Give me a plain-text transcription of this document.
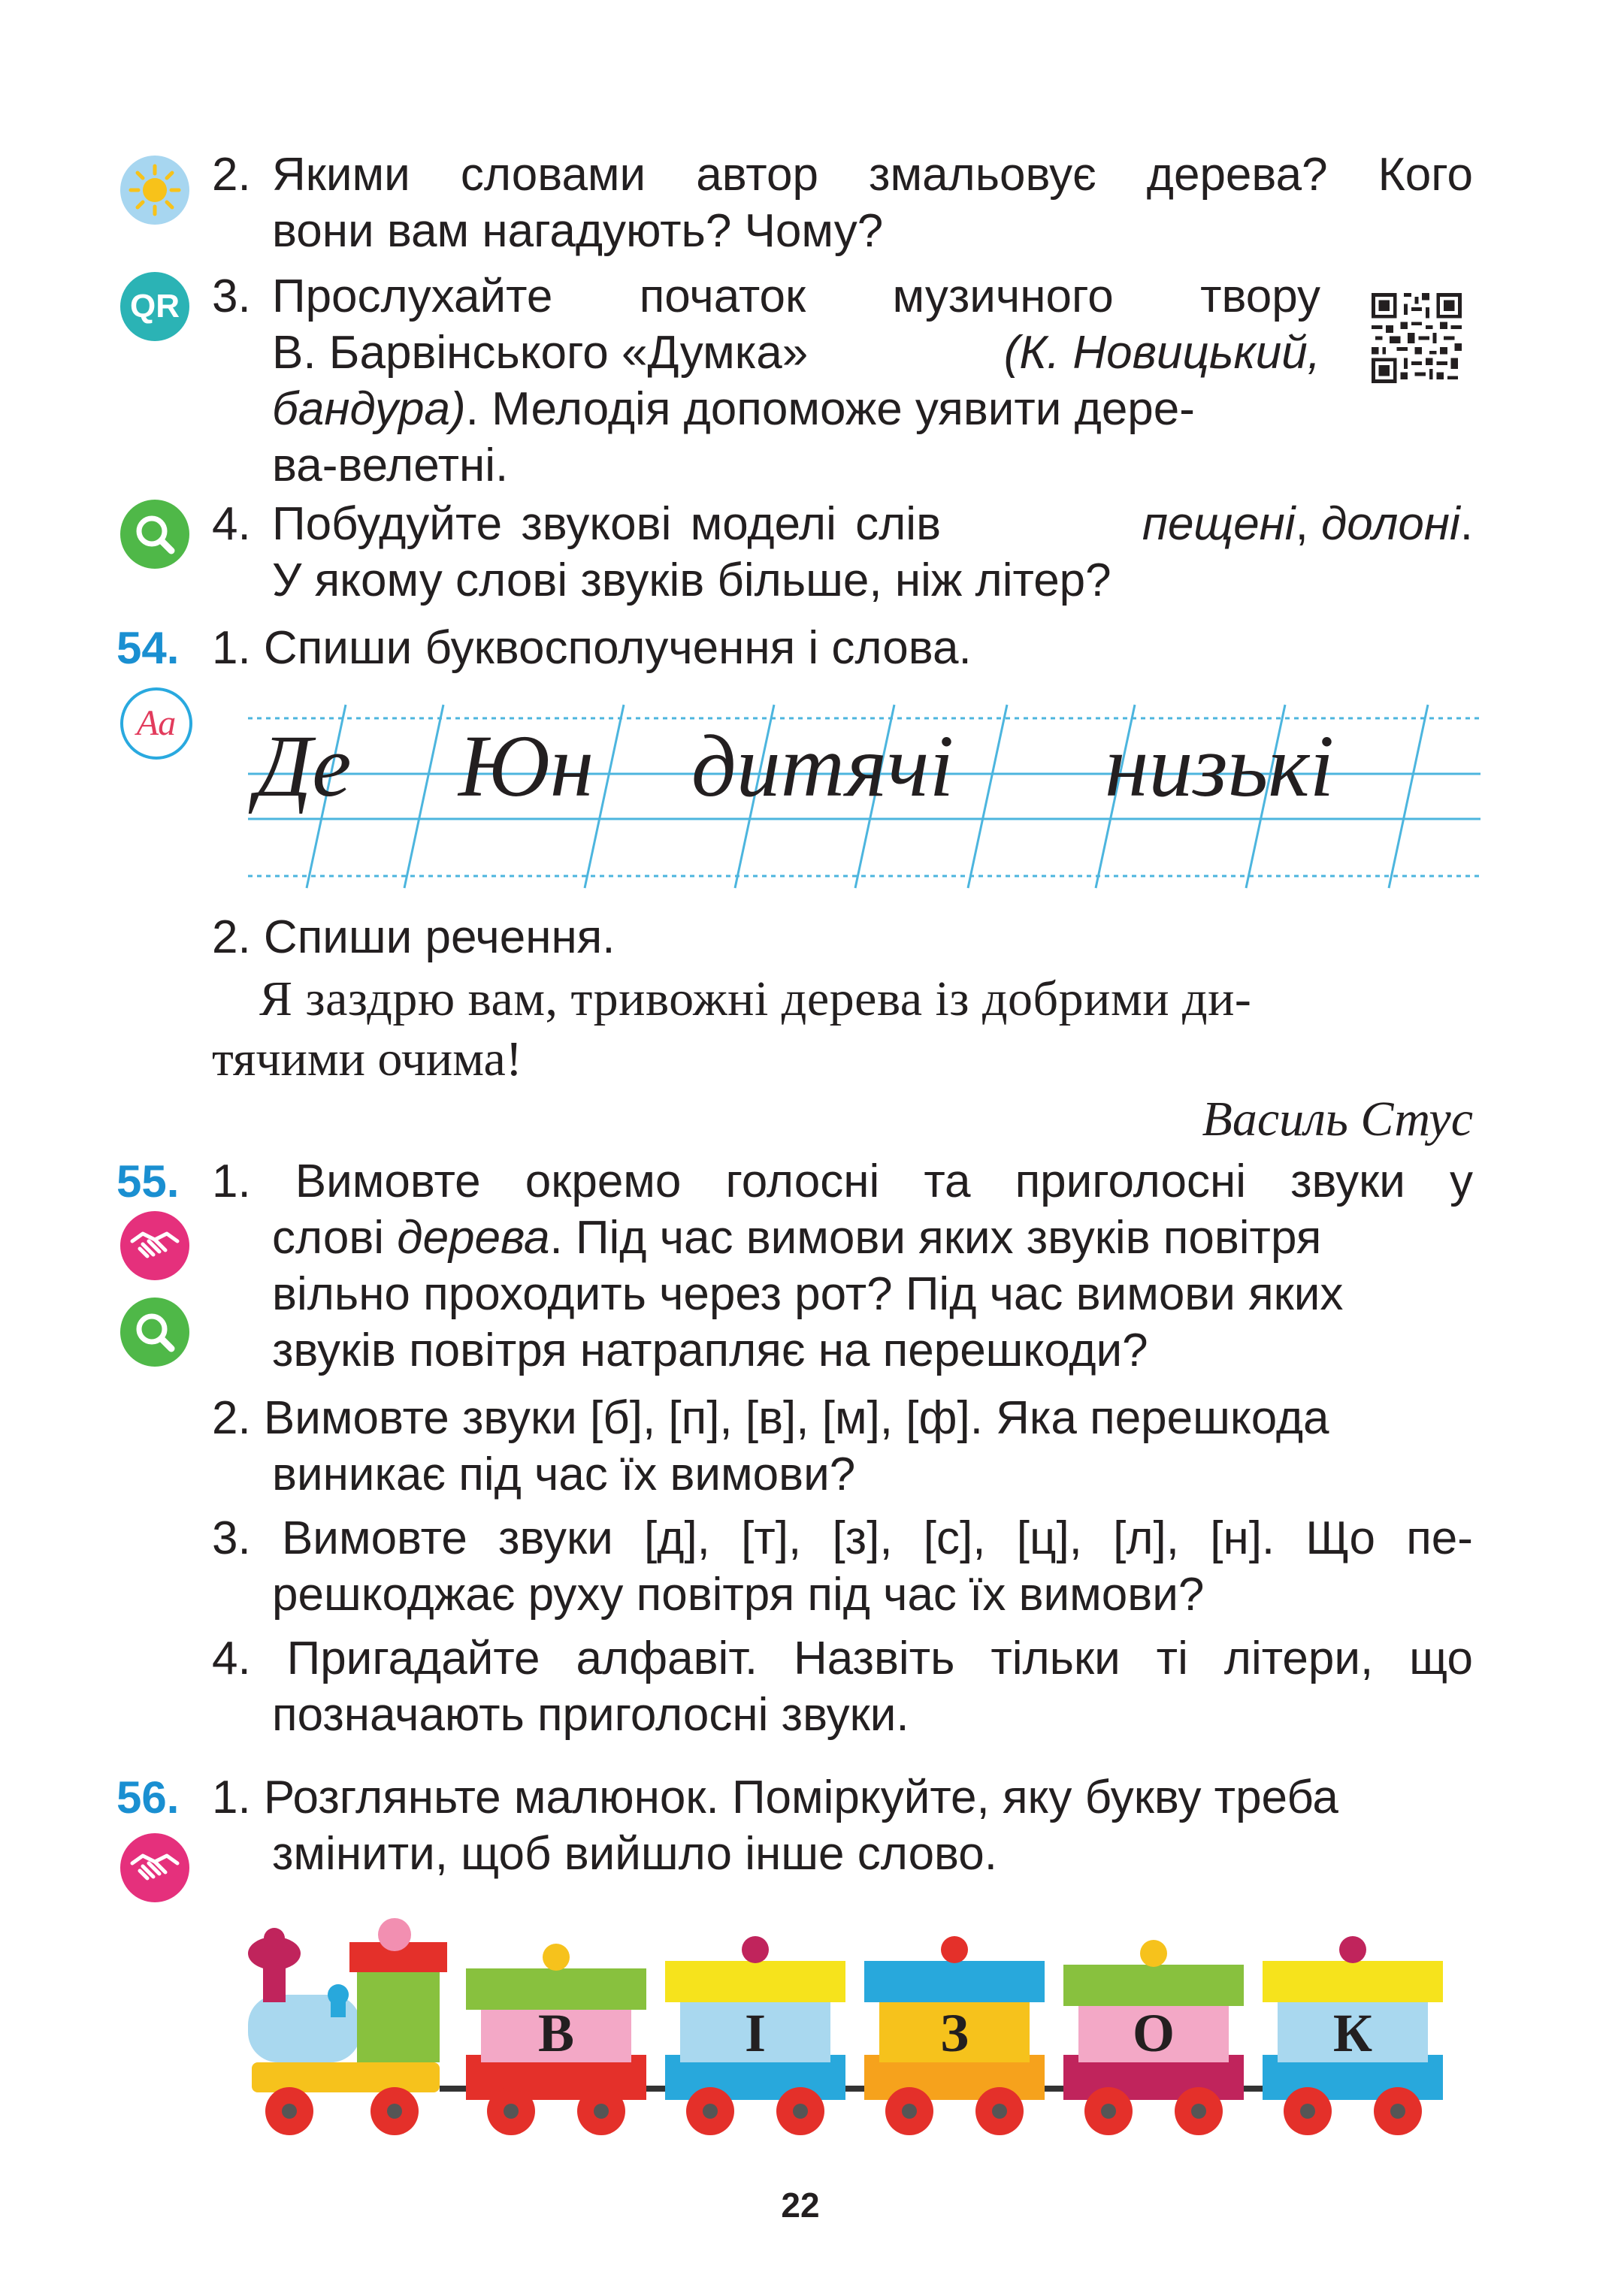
2. Якими словами автор змальовує дерева? Кого
вони вам нагадують? Чому?
QR 3. Прослухайте початок музичного твору
В. Барвінського «Думка»	(К. Новицький,
бандура). Мелодія допоможе уявити дере-
ва-велетні.
4. Побудуйте звукові моделі слів	пещені, долоні.
У якому слові звуків більше, ніж літер?
54. 1. Спиши буквосполучення і слова.
Аа Де Юн дитячі низькі
2. Спиши речення.
Я заздрю вам, тривожні дерева із добрими ди-
тячими очима!
Василь Стус
55. 1. Вимовте окремо голосні та приголосні звуки у
слові дерева. Під час вимови яких звуків повітря
вільно проходить через рот? Під час вимови яких
звуків повітря натрапляє на перешкоди?
2. Вимовте звуки [б], [п], [в], [м], [ф]. Яка перешкода
виникає під час їх вимови?
3. Вимовте звуки [д], [т], [з], [с], [ц], [л], [н]. Що пе-
решкоджає руху повітря під час їх вимови?
4. Пригадайте алфавіт. Назвіть тільки ті літери, що
позначають приголосні звуки.
56. 1. Розгляньте малюнок. Поміркуйте, яку букву треба
змінити, щоб вийшло інше слово.
В	І	З	О	К
22
